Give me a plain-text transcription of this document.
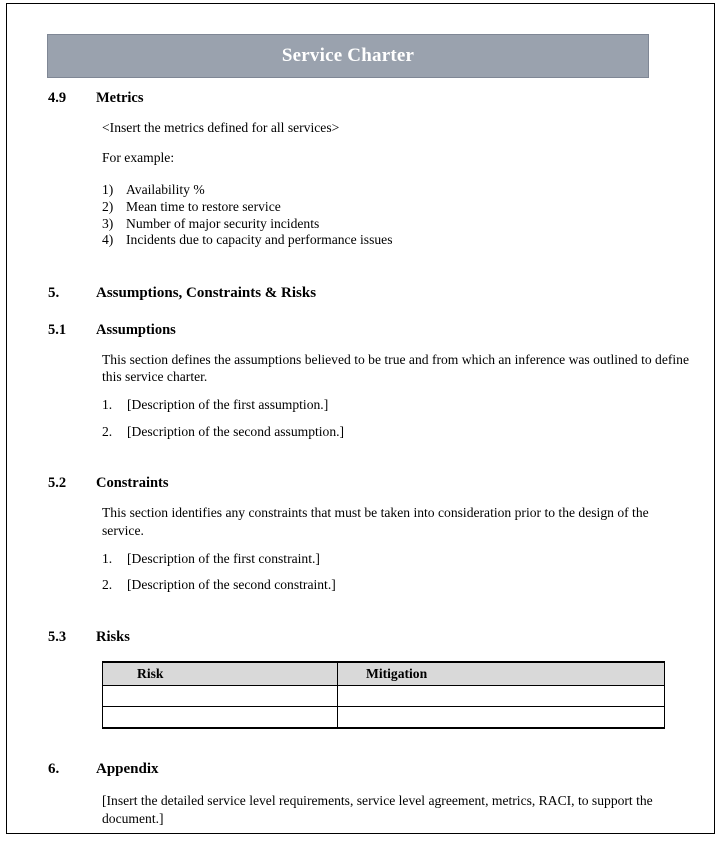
Service Charter
4.9	Metrics
<Insert the metrics defined for all services>
For example:
1) Availability %
2) Mean time to restore service
3) Number of major security incidents
4) Incidents due to capacity and performance issues
5.	Assumptions, Constraints & Risks
5.1	Assumptions
This section defines the assumptions believed to be true and from which an inference was outlined to define this service charter.
1.	[Description of the first assumption.]
2.	[Description of the second assumption.]
5.2	Constraints
This section identifies any constraints that must be taken into consideration prior to the design of the service.
1.	[Description of the first constraint.]
2.	[Description of the second constraint.]
5.3	Risks
Risk	Mitigation

6.	Appendix
[Insert the detailed service level requirements, service level agreement, metrics, RACI, to support the document.]
